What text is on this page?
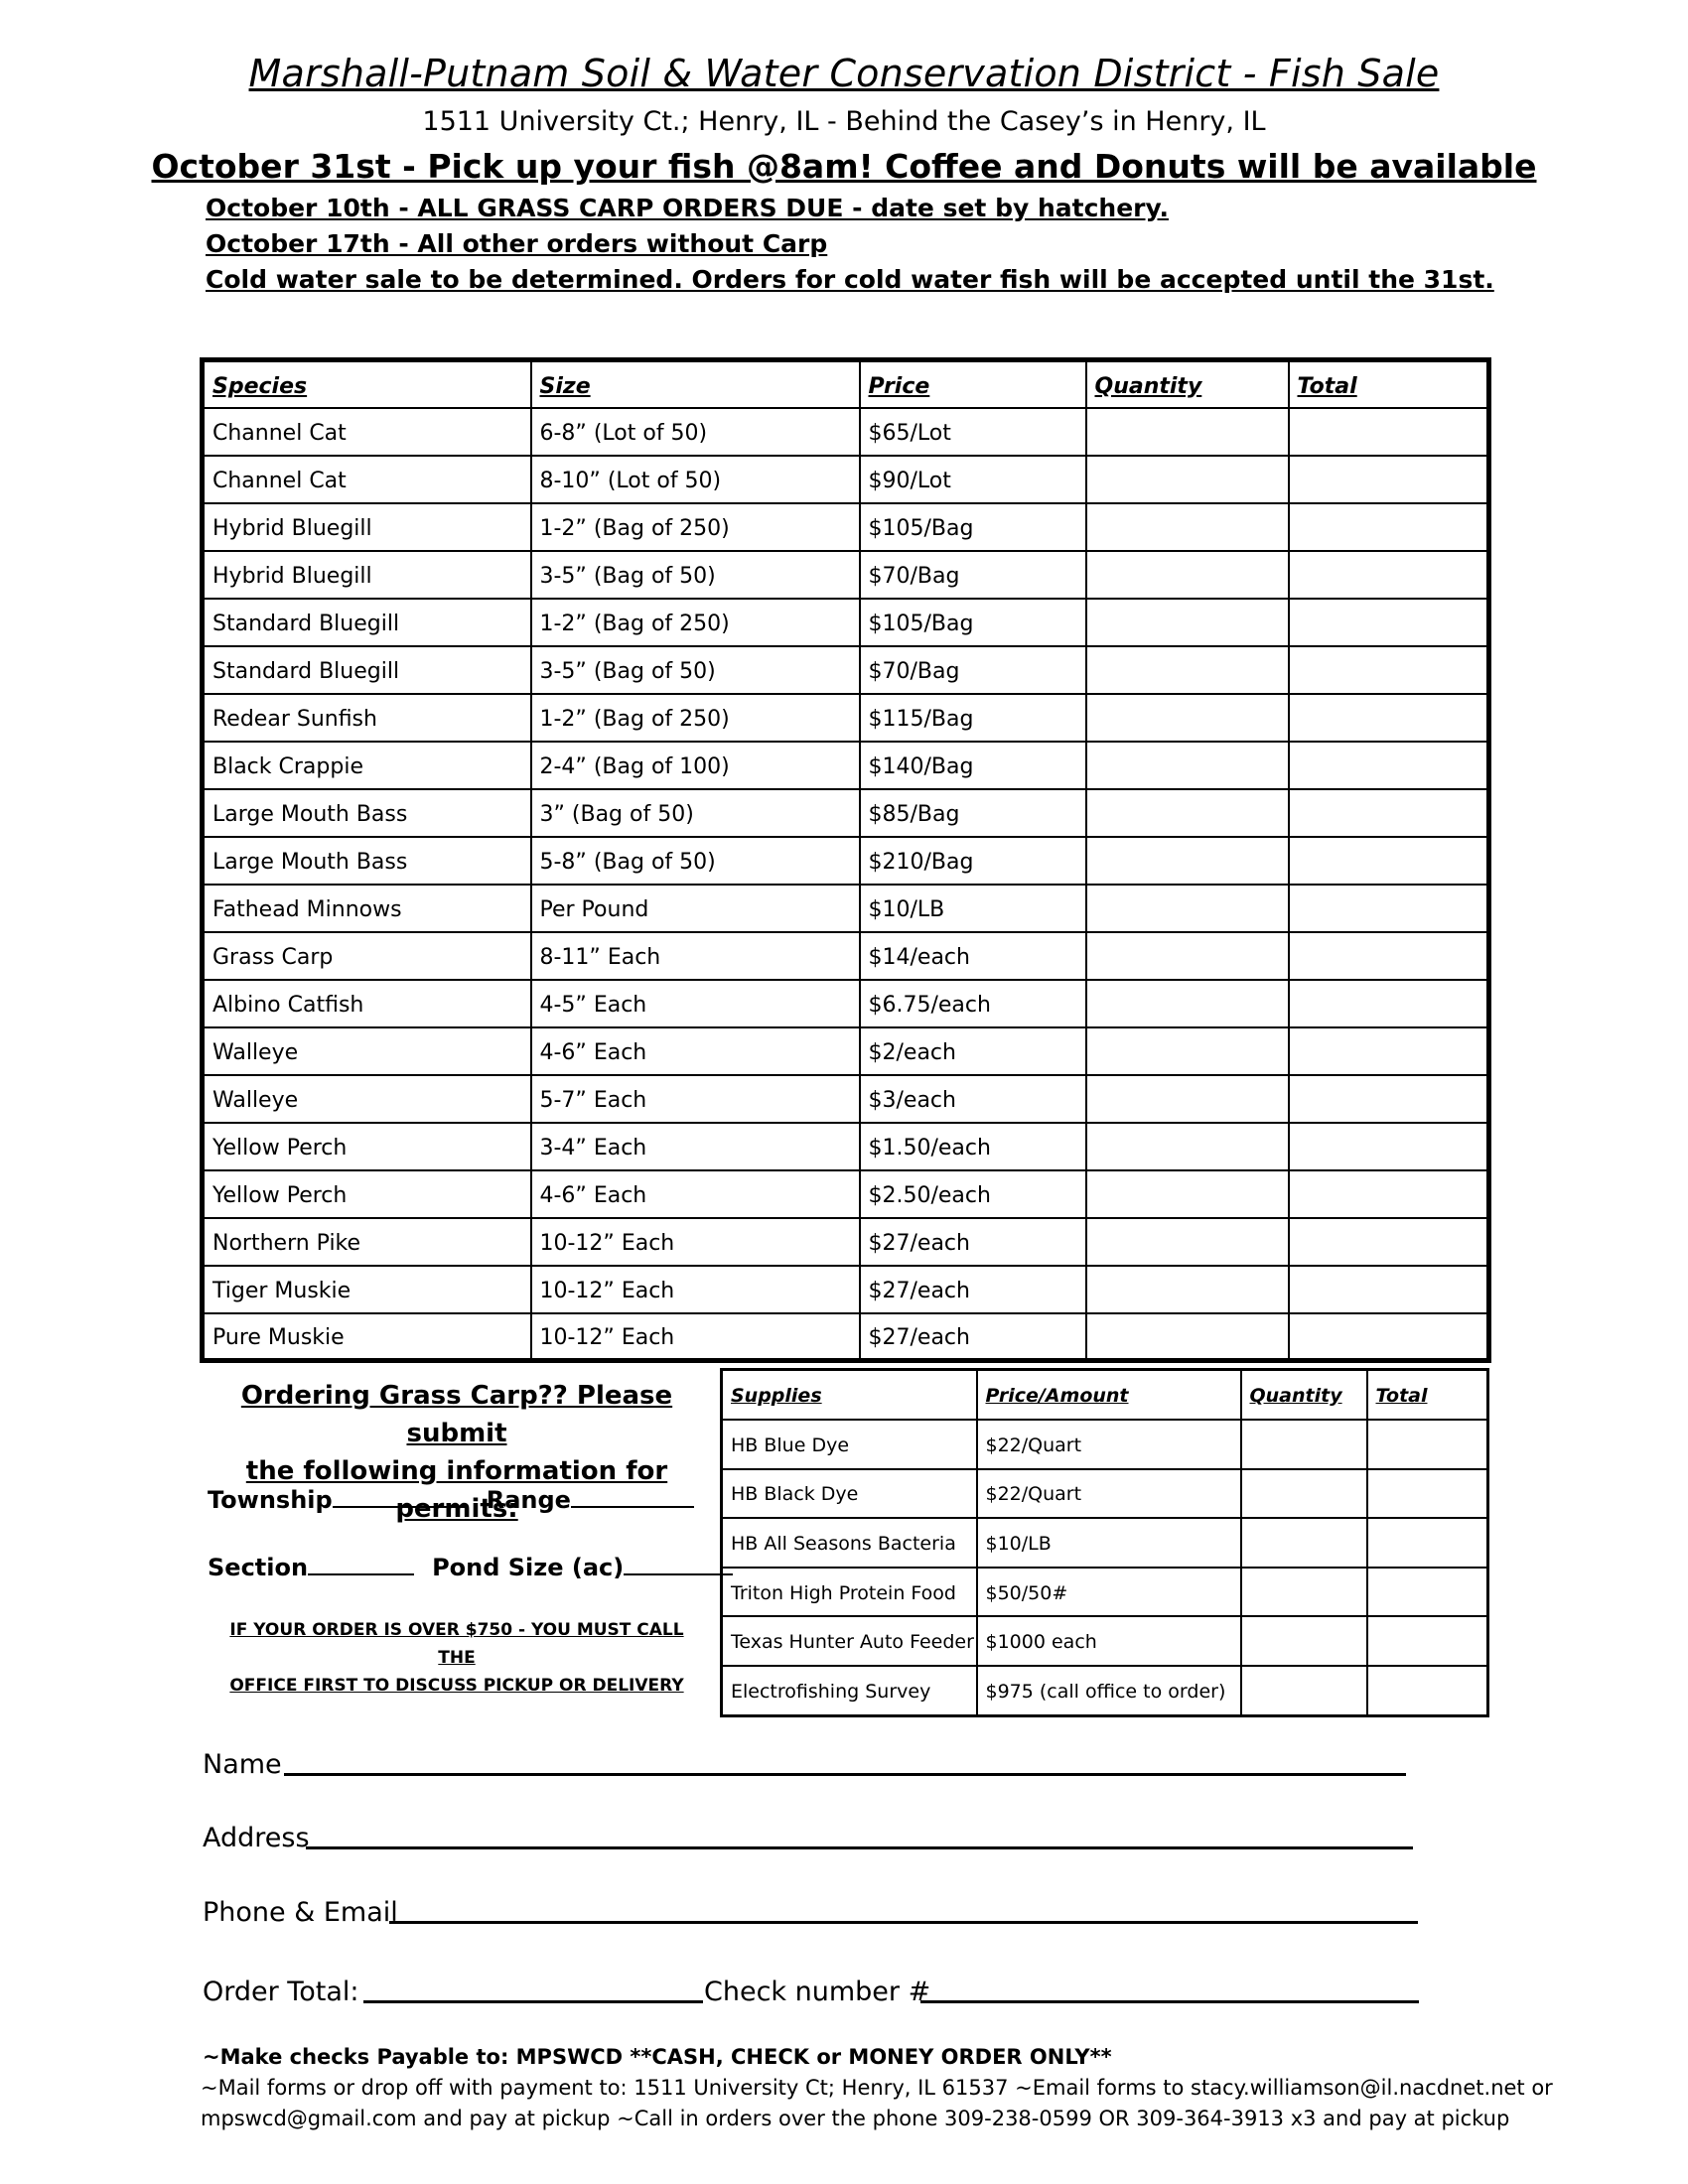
Marshall-Putnam Soil & Water Conservation District - Fish Sale
1511 University Ct.; Henry, IL - Behind the Casey’s in Henry, IL
October 31st - Pick up your fish @8am! Coffee and Donuts will be available
October 10th - ALL GRASS CARP ORDERS DUE - date set by hatchery.
October 17th - All other orders without Carp
Cold water sale to be determined. Orders for cold water fish will be accepted until the 31st.
Species	Size	Price	Quantity	Total
Channel Cat	6-8” (Lot of 50)	$65/Lot		
Channel Cat	8-10” (Lot of 50)	$90/Lot		
Hybrid Bluegill	1-2” (Bag of 250)	$105/Bag		
Hybrid Bluegill	3-5” (Bag of 50)	$70/Bag		
Standard Bluegill	1-2” (Bag of 250)	$105/Bag		
Standard Bluegill	3-5” (Bag of 50)	$70/Bag		
Redear Sunfish	1-2” (Bag of 250)	$115/Bag		
Black Crappie	2-4” (Bag of 100)	$140/Bag		
Large Mouth Bass	3” (Bag of 50)	$85/Bag		
Large Mouth Bass	5-8” (Bag of 50)	$210/Bag		
Fathead Minnows	Per Pound	$10/LB		
Grass Carp	8-11” Each	$14/each		
Albino Catfish	4-5” Each	$6.75/each		
Walleye	4-6” Each	$2/each		
Walleye	5-7” Each	$3/each		
Yellow Perch	3-4” Each	$1.50/each		
Yellow Perch	4-6” Each	$2.50/each		
Northern Pike	10-12” Each	$27/each		
Tiger Muskie	10-12” Each	$27/each		
Pure Muskie	10-12” Each	$27/each		
Ordering Grass Carp?? Please submit
the following information for permits:
Township	Range
Section	Pond Size (ac)
IF YOUR ORDER IS OVER $750 - YOU MUST CALL THE
OFFICE FIRST TO DISCUSS PICKUP OR DELIVERY
Supplies	Price/Amount	Quantity	Total
HB Blue Dye	$22/Quart		
HB Black Dye	$22/Quart		
HB All Seasons Bacteria	$10/LB		
Triton High Protein Food	$50/50#		
Texas Hunter Auto Feeder	$1000 each		
Electrofishing Survey	$975 (call office to order)		
Name
Address
Phone & Email
Order Total:	Check number #
~Make checks Payable to: MPSWCD **CASH, CHECK or MONEY ORDER ONLY**
~Mail forms or drop off with payment to: 1511 University Ct; Henry, IL 61537 ~Email forms to stacy.williamson@il.nacdnet.net or
mpswcd@gmail.com and pay at pickup ~Call in orders over the phone 309-238-0599 OR 309-364-3913 x3 and pay at pickup
